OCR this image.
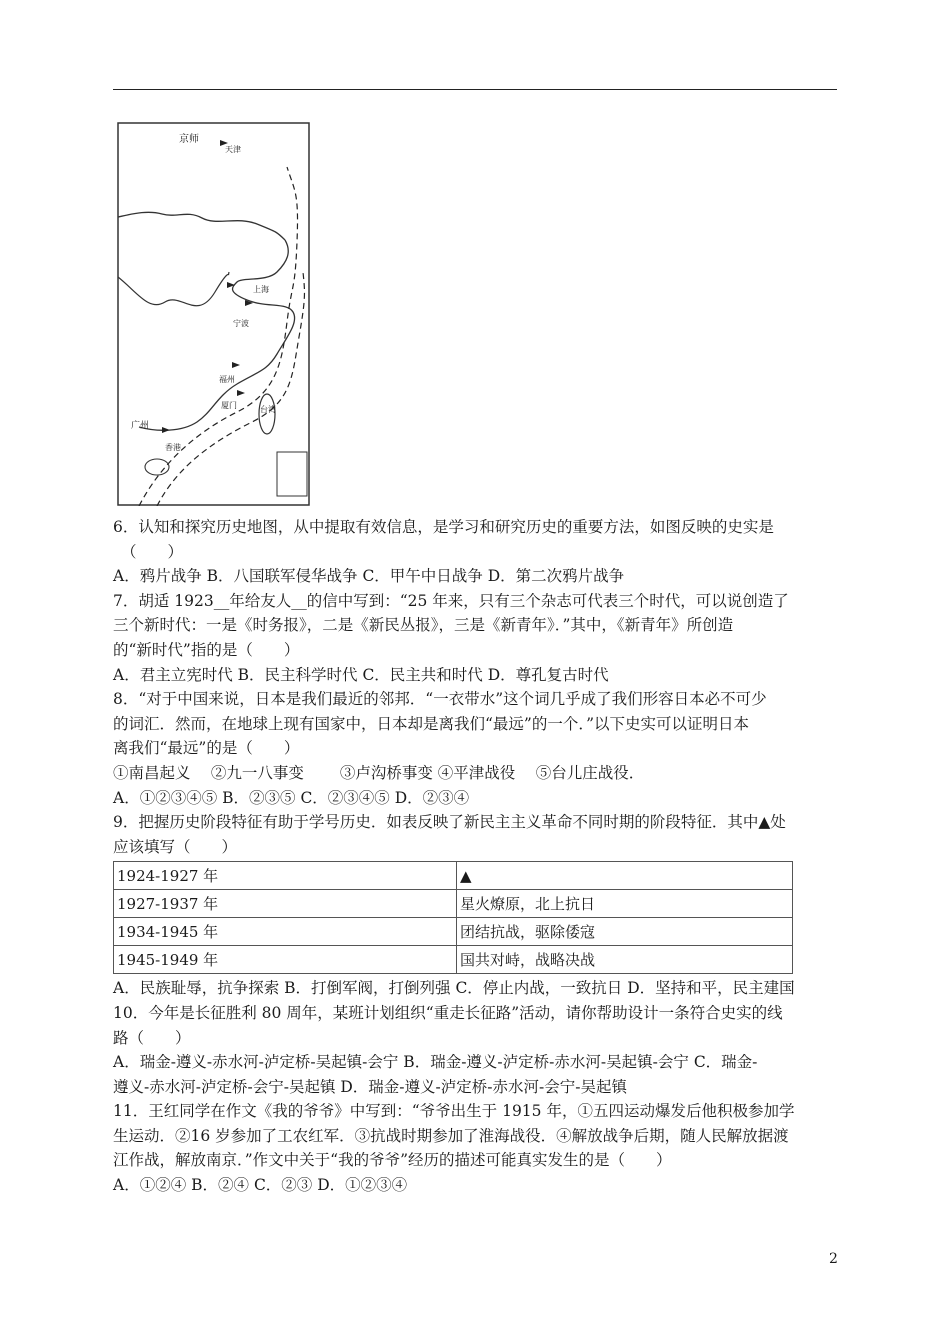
京师
天津
上海
宁波
福州
厦门
广州
台湾
香港
6．认知和探究历史地图，从中提取有效信息，是学习和研究历史的重要方法，如图反映的史实是
（　　）
A．鸦片战争 B．八国联军侵华战争 C．甲午中日战争 D．第二次鸦片战争
7．胡适 1923__年给友人__的信中写到：“25 年来，只有三个杂志可代表三个时代，可以说创造了
三个新时代：一是《时务报》，二是《新民丛报》，三是《新青年》．”其中，《新青年》所创造
的“新时代”指的是（　　）
A．君主立宪时代 B．民主科学时代 C．民主共和时代 D．尊孔复古时代
8．“对于中国来说，日本是我们最近的邻邦．“一衣带水”这个词几乎成了我们形容日本必不可少
的词汇．然而，在地球上现有国家中，日本却是离我们“最远”的一个．”以下史实可以证明日本
离我们“最远”的是（　　）
①南昌起义　 ②九一八事变　　 ③卢沟桥事变 ④平津战役　 ⑤台儿庄战役．
A．①②③④⑤ B．②③⑤ C．②③④⑤ D．②③④
9．把握历史阶段特征有助于学号历史．如表反映了新民主主义革命不同时期的阶段特征．其中▲处
应该填写（　　）
1924-1927 年	▲
1927-1937 年	星火燎原，北上抗日
1934-1945 年	团结抗战，驱除倭寇
1945-1949 年	国共对峙，战略决战
A．民族耻辱，抗争探索 B．打倒军阀，打倒列强 C．停止内战，一致抗日 D．坚持和平，民主建国
10．今年是长征胜利 80 周年，某班计划组织“重走长征路”活动，请你帮助设计一条符合史实的线
路（　　）
A．瑞金-遵义-赤水河-泸定桥-吴起镇-会宁 B．瑞金-遵义-泸定桥-赤水河-吴起镇-会宁 C．瑞金-
遵义-赤水河-泸定桥-会宁-吴起镇 D．瑞金-遵义-泸定桥-赤水河-会宁-吴起镇
11．王红同学在作文《我的爷爷》中写到：“爷爷出生于 1915 年，①五四运动爆发后他积极参加学
生运动．②16 岁参加了工农红军．③抗战时期参加了淮海战役．④解放战争后期，随人民解放据渡
江作战，解放南京．”作文中关于“我的爷爷”经历的描述可能真实发生的是（　　）
A．①②④ B．②④ C．②③ D．①②③④
2
